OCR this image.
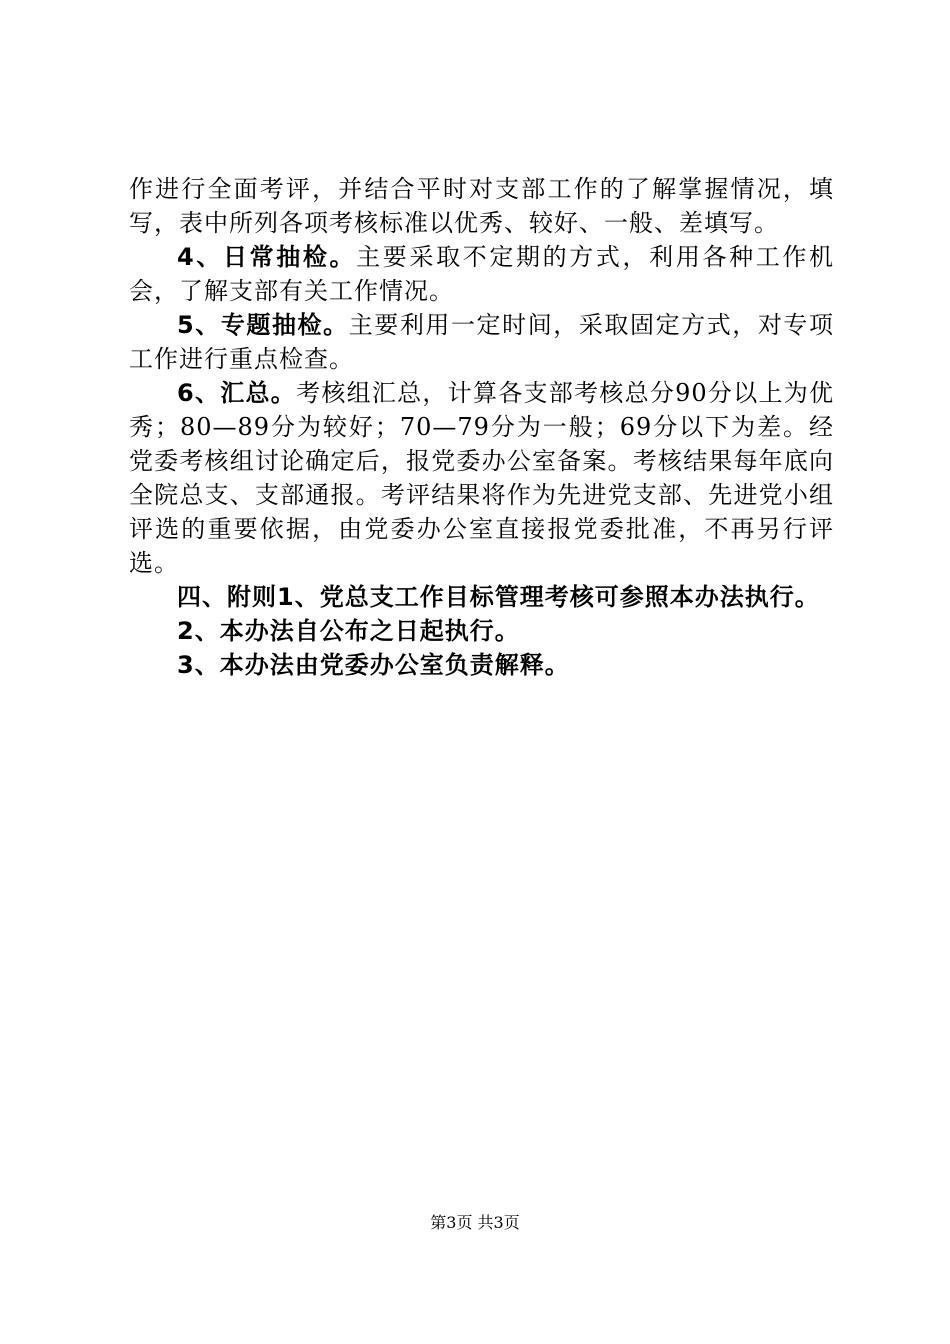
作进行全面考评，并结合平时对支部工作的了解掌握情况，填写，表中所列各项考核标准以优秀、较好、一般、差填写。

4、日常抽检。主要采取不定期的方式，利用各种工作机会，了解支部有关工作情况。

5、专题抽检。主要利用一定时间，采取固定方式，对专项工作进行重点检查。

6、汇总。考核组汇总，计算各支部考核总分90分以上为优秀；80—89分为较好；70—79分为一般；69分以下为差。经党委考核组讨论确定后，报党委办公室备案。考核结果每年底向全院总支、支部通报。考评结果将作为先进党支部、先进党小组评选的重要依据，由党委办公室直接报党委批准，不再另行评选。

四、附则1、党总支工作目标管理考核可参照本办法执行。

2、本办法自公布之日起执行。

3、本办法由党委办公室负责解释。

第3页 共3页
